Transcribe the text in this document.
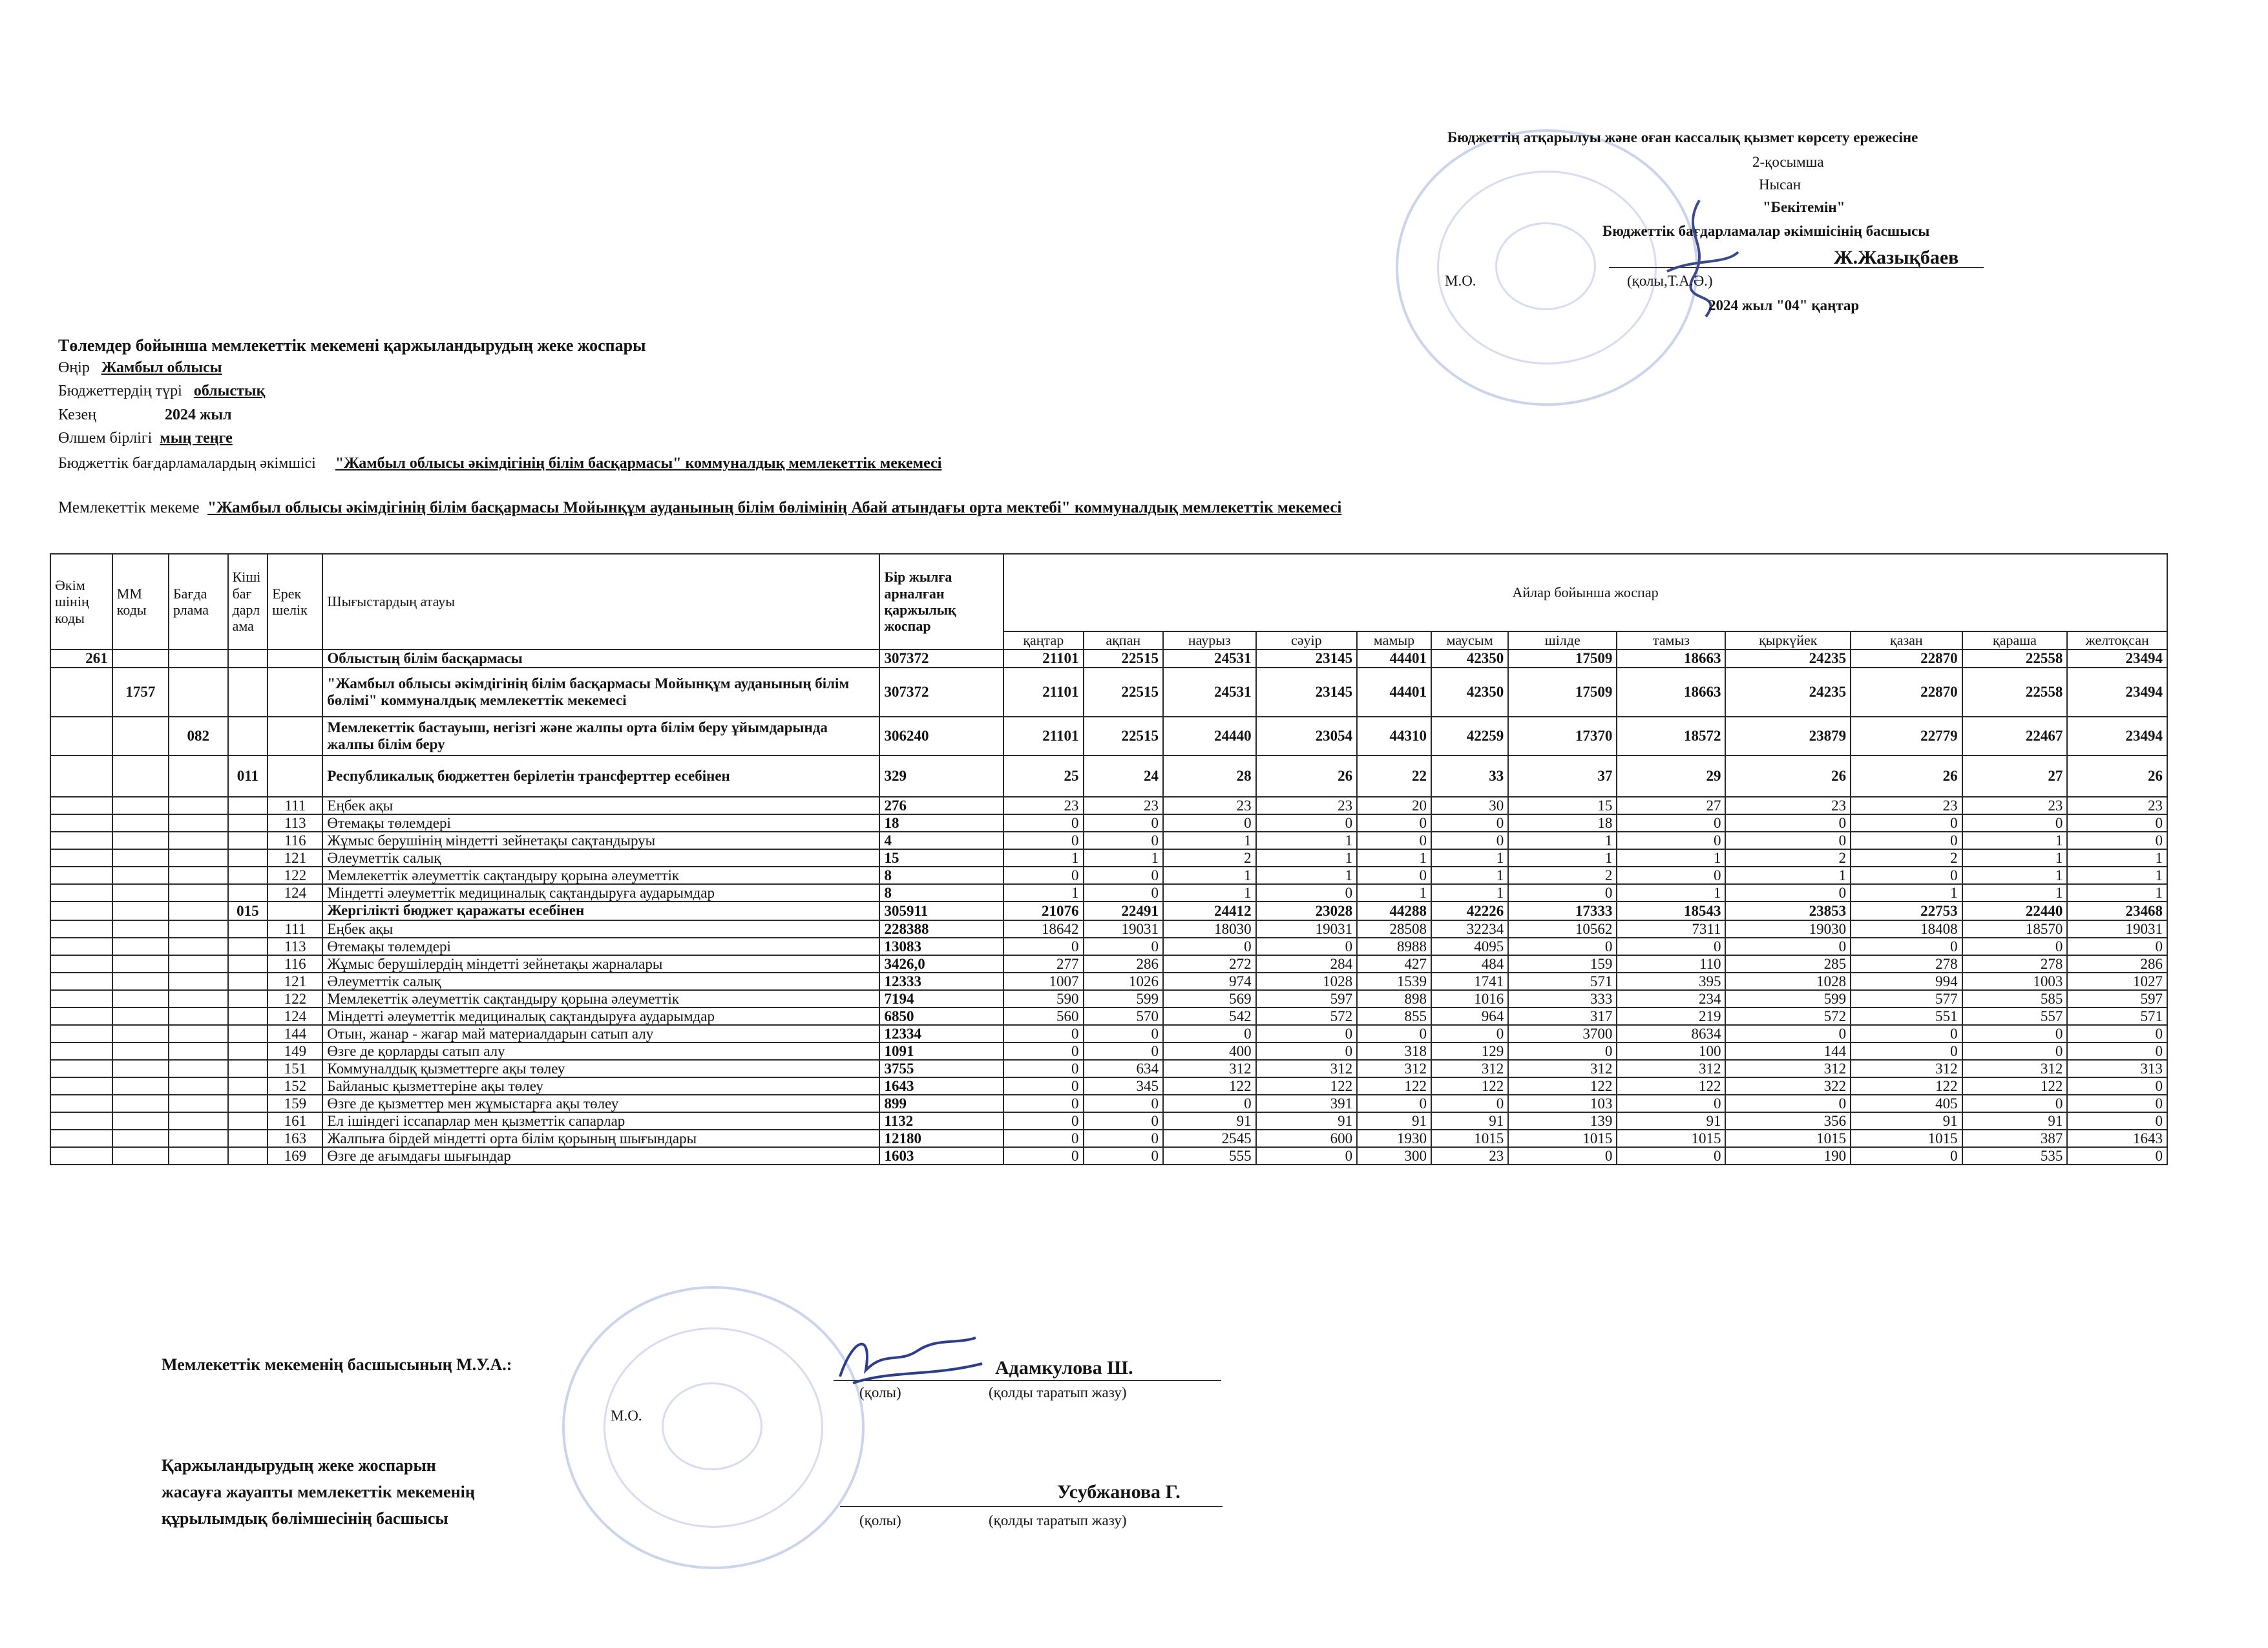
Бюджеттің атқарылуы және оған кассалық қызмет көрсету ережесіне
2-қосымша
Нысан
"Бекітемін"
Бюджеттік бағдарламалар әкімшісінің басшысы
Ж.Жазықбаев
М.О.	(қолы,Т.А.Ә.)
2024 жыл "04" қаңтар
Төлемдер бойынша мемлекеттік мекемені қаржыландырудың жеке жоспары
Өңір Жамбыл облысы
Бюджеттердің түрі облыстық
Кезең	2024 жыл
Өлшем бірлігі мың теңге
Бюджеттік бағдарламалардың әкімшісі "Жамбыл облысы әкімдігінің білім басқармасы" коммуналдық мемлекеттік мекемесі
Мемлекеттік мекеме "Жамбыл облысы әкімдігінің білім басқармасы Мойынқұм ауданының білім бөлімінің Абай атындағы орта мектебі" коммуналдық мемлекеттік мекемесі
Әкім шінің коды	ММ коды	Бағда рлама	Кіші бағ дарл ама	Ерек шелік	Шығыстардың атауы	Бір жылға арналған қаржылық жоспар	Айлар бойынша жоспар											
							қаңтар	ақпан	наурыз	сәуір	мамыр	маусым	шілде	тамыз	қыркүйек	қазан	қараша	желтоқсан
261					Облыстың білім басқармасы	307372	21101	22515	24531	23145	44401	42350	17509	18663	24235	22870	22558	23494
	1757				"Жамбыл облысы әкімдігінің білім басқармасы Мойынқұм ауданының білім бөлімі" коммуналдық мемлекеттік мекемесі	307372	21101	22515	24531	23145	44401	42350	17509	18663	24235	22870	22558	23494
		082			Мемлекеттік бастауыш, негізгі және жалпы орта білім беру ұйымдарында жалпы білім беру	306240	21101	22515	24440	23054	44310	42259	17370	18572	23879	22779	22467	23494
			011		Республикалық бюджеттен берілетін трансферттер есебінен	329	25	24	28	26	22	33	37	29	26	26	27	26
				111	Еңбек ақы	276	23	23	23	23	20	30	15	27	23	23	23	23
				113	Өтемақы төлемдері	18	0	0	0	0	0	0	18	0	0	0	0	0
				116	Жұмыс берушінің міндетті зейнетақы сақтандыруы	4	0	0	1	1	0	0	1	0	0	0	1	0
				121	Әлеуметтік салық	15	1	1	2	1	1	1	1	1	2	2	1	1
				122	Мемлекеттік әлеуметтік сақтандыру қорына әлеуметтік	8	0	0	1	1	0	1	2	0	1	0	1	1
				124	Міндетті әлеуметтік медициналық сақтандыруға аударымдар	8	1	0	1	0	1	1	0	1	0	1	1	1
			015		Жергілікті бюджет қаражаты есебінен	305911	21076	22491	24412	23028	44288	42226	17333	18543	23853	22753	22440	23468
				111	Еңбек ақы	228388	18642	19031	18030	19031	28508	32234	10562	7311	19030	18408	18570	19031
				113	Өтемақы төлемдері	13083	0	0	0	0	8988	4095	0	0	0	0	0	0
				116	Жұмыс берушілердің міндетті зейнетақы жарналары	3426,0	277	286	272	284	427	484	159	110	285	278	278	286
				121	Әлеуметтік салық	12333	1007	1026	974	1028	1539	1741	571	395	1028	994	1003	1027
				122	Мемлекеттік әлеуметтік сақтандыру қорына әлеуметтік	7194	590	599	569	597	898	1016	333	234	599	577	585	597
				124	Міндетті әлеуметтік медициналық сақтандыруға аударымдар	6850	560	570	542	572	855	964	317	219	572	551	557	571
				144	Отын, жанар - жағар май материалдарын сатып алу	12334	0	0	0	0	0	0	3700	8634	0	0	0	0
				149	Өзге де қорларды сатып алу	1091	0	0	400	0	318	129	0	100	144	0	0	0
				151	Коммуналдық қызметтерге ақы төлеу	3755	0	634	312	312	312	312	312	312	312	312	312	313
				152	Байланыс қызметтеріне ақы төлеу	1643	0	345	122	122	122	122	122	122	322	122	122	0
				159	Өзге де қызметтер мен жұмыстарға ақы төлеу	899	0	0	0	391	0	0	103	0	0	405	0	0
				161	Ел ішіндегі іссапарлар мен қызметтік сапарлар	1132	0	0	91	91	91	91	139	91	356	91	91	0
				163	Жалпыға бірдей міндетті орта білім қорының шығындары	12180	0	0	2545	600	1930	1015	1015	1015	1015	1015	387	1643
				169	Өзге де ағымдағы шығындар	1603	0	0	555	0	300	23	0	0	190	0	535	0
Мемлекеттік мекеменің басшысының М.У.А.:	Адамкулова Ш.
(қолы)	(қолды таратып жазу)
М.О.
Қаржыландырудың жеке жоспарын
жасауға жауапты мемлекеттік мекеменің
құрылымдық бөлімшесінің басшысы
Усубжанова Г.
(қолы)	(қолды таратып жазу)
